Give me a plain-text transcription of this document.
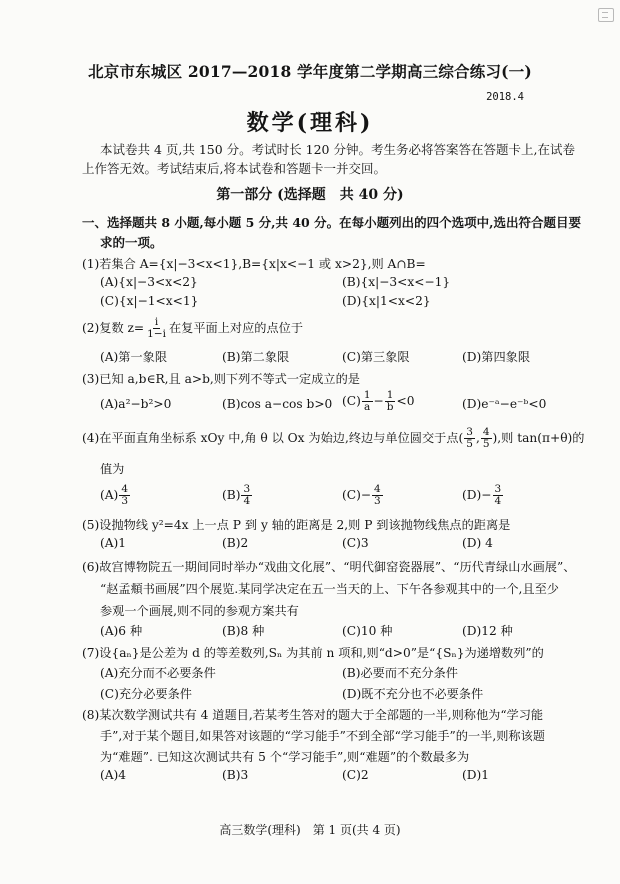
北京市东城区 2017—2018 学年度第二学期高三综合练习(一)
2018.4
数学(理科)
本试卷共 4 页,共 150 分。考试时长 120 分钟。考生务必将答案答在答题卡上,在试卷
上作答无效。考试结束后,将本试卷和答题卡一并交回。
第一部分 (选择题　共 40 分)
一、选择题共 8 小题,每小题 5 分,共 40 分。在每小题列出的四个选项中,选出符合题目要
求的一项。
(1)若集合 A={x|−3<x<1},B={x|x<−1 或 x>2},则 A∩B=
(A){x|−3<x<2}	(B){x|−3<x<−1}
(C){x|−1<x<1}	(D){x|1<x<2}
(2)复数 $z= \frac{i}{1-i}$ 在复平面上对应的点位于
(A)第一象限	(B)第二象限	(C)第三象限	(D)第四象限
(3)已知 a,b∈R,且 a>b,则下列不等式一定成立的是
(A)a²−b²>0	(B)cos a−cos b>0 $(C) \frac{1}{a} - \frac{1}{b} <0$	(D)e⁻ᵃ−e⁻ᵇ<0
(4)在平面直角坐标系 xOy 中,角 θ 以 Ox 为始边,终边与单位圆交于点( $\frac{3}{5}$ , $\frac{4}{5}$ ),则 tan(π+θ)的
值为
$(A) \frac{4}{3}$	$(B) \frac{3}{4}$	$(C)- \frac{4}{3}$	$(D)- \frac{3}{4}$
(5)设抛物线 y²=4x 上一点 P 到 y 轴的距离是 2,则 P 到该抛物线焦点的距离是
(A)1	(B)2	(C)3	(D) 4
(6)故宫博物院五一期间同时举办“戏曲文化展”、“明代御窑瓷器展”、“历代青绿山水画展”、
“赵孟頫书画展”四个展览.某同学决定在五一当天的上、下午各参观其中的一个,且至少
参观一个画展,则不同的参观方案共有
(A)6 种	(B)8 种	(C)10 种	(D)12 种
(7)设{aₙ}是公差为 d 的等差数列,Sₙ 为其前 n 项和,则“d>0”是“{Sₙ}为递增数列”的
(A)充分而不必要条件	(B)必要而不充分条件
(C)充分必要条件	(D)既不充分也不必要条件
(8)某次数学测试共有 4 道题目,若某考生答对的题大于全部题的一半,则称他为“学习能
手”,对于某个题目,如果答对该题的“学习能手”不到全部“学习能手”的一半,则称该题
为“难题”. 已知这次测试共有 5 个“学习能手”,则“难题”的个数最多为
(A)4	(B)3	(C)2	(D)1
高三数学(理科)　第 1 页(共 4 页)
